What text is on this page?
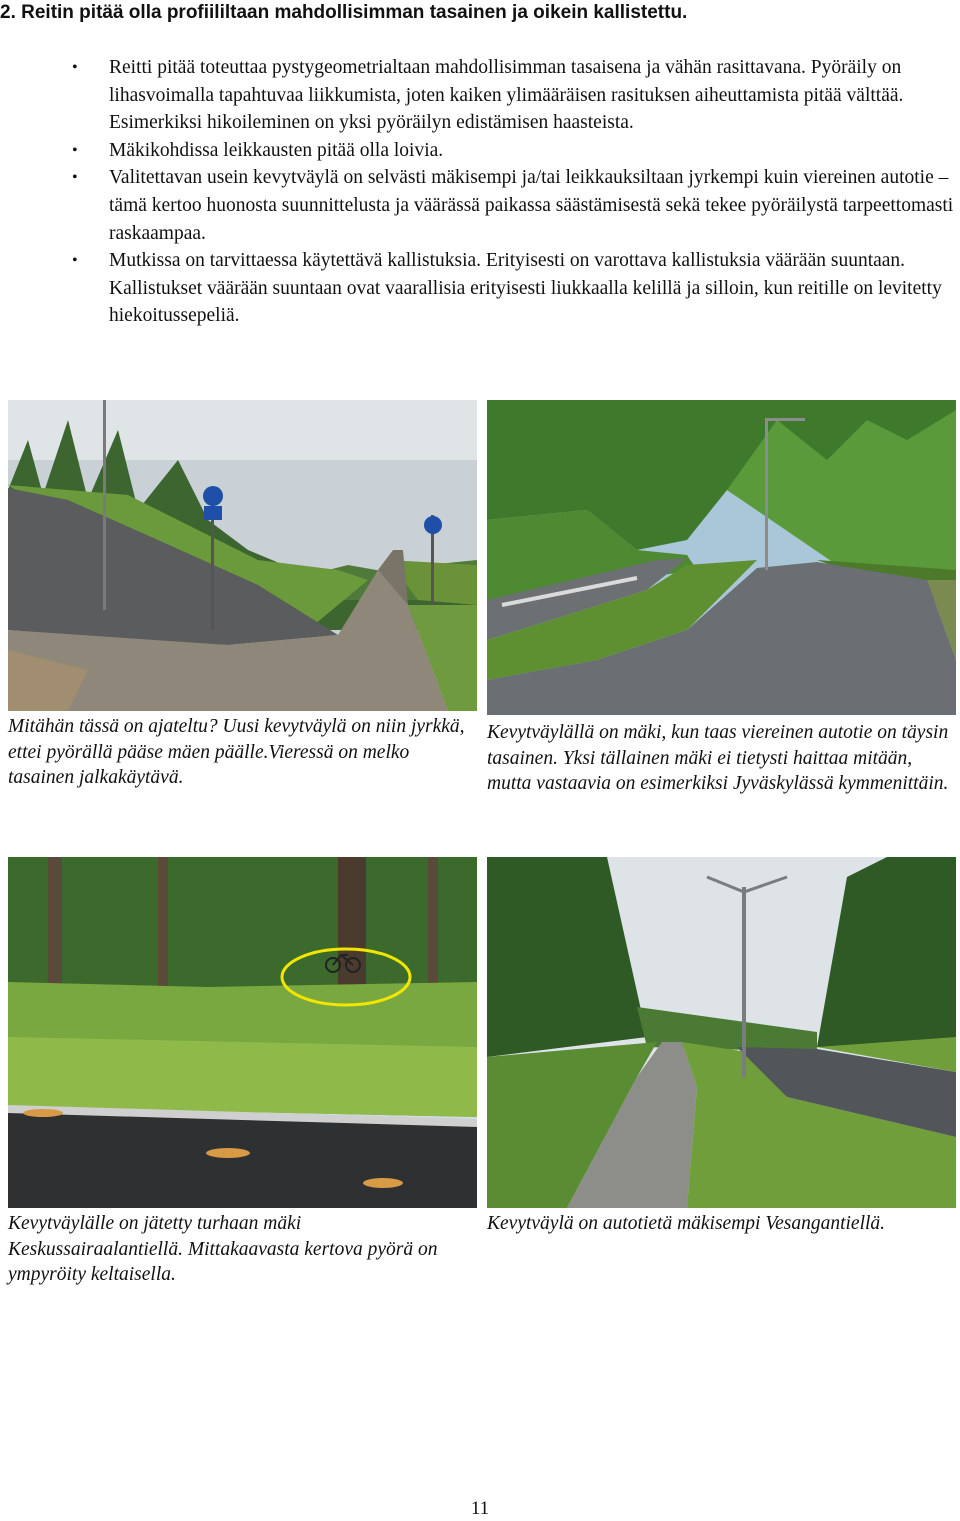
2. Reitin pitää olla profiililtaan mahdollisimman tasainen ja oikein kallistettu.
• Reitti pitää toteuttaa pystygeometrialtaan mahdollisimman tasaisena ja vähän rasittavana. Pyöräily on lihasvoimalla tapahtuvaa liikkumista, joten kaiken ylimääräisen rasituksen aiheuttamista pitää välttää. Esimerkiksi hikoileminen on yksi pyöräilyn edistämisen haasteista.
• Mäkikohdissa leikkausten pitää olla loivia.
• Valitettavan usein kevytväylä on selvästi mäkisempi ja/tai leikkauksiltaan jyrkempi kuin viereinen autotie – tämä kertoo huonosta suunnittelusta ja väärässä paikassa säästämisestä sekä tekee pyöräilystä tarpeettomasti raskaampaa.
• Mutkissa on tarvittaessa käytettävä kallistuksia. Erityisesti on varottava kallistuksia väärään suuntaan. Kallistukset väärään suuntaan ovat vaarallisia erityisesti liukkaalla kelillä ja silloin, kun reitille on levitetty hiekoitussepeliä.
Mitähän tässä on ajateltu? Uusi kevytväylä on niin jyrkkä, ettei pyörällä pääse mäen päälle.Vieressä on melko tasainen jalkakäytävä.
Kevytväylällä on mäki, kun taas viereinen autotie on täysin tasainen. Yksi tällainen mäki ei tietysti haittaa mitään, mutta vastaavia on esimerkiksi Jyväskylässä kymmenittäin.
Kevytväylälle on jätetty turhaan mäki Keskussairaalantiellä. Mittakaavasta kertova pyörä on ympyröity keltaisella.
Kevytväylä on autotietä mäkisempi Vesangantiellä.
11
